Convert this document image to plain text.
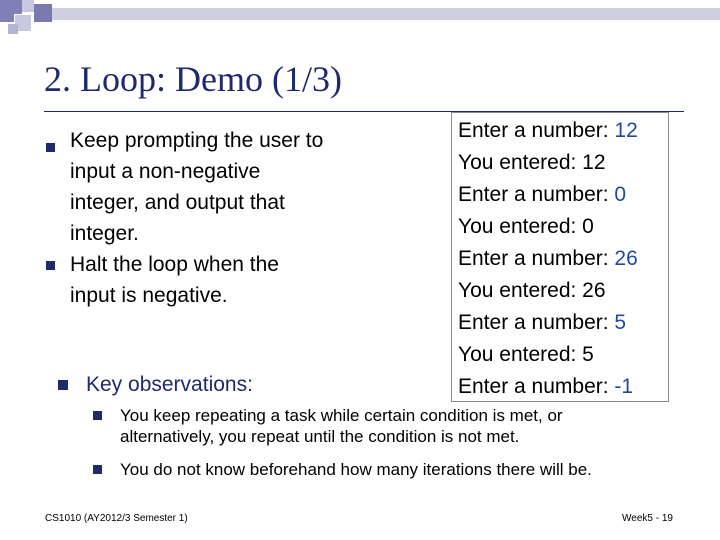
2. Loop: Demo (1/3)
Keep prompting the user to input a non-negative integer, and output that integer.
Halt the loop when the input is negative.
Key observations:
You keep repeating a task while certain condition is met, or alternatively, you repeat until the condition is not met.
You do not know beforehand how many iterations there will be.
Enter a number: 12
You entered: 12
Enter a number: 0
You entered: 0
Enter a number: 26
You entered: 26
Enter a number: 5
You entered: 5
Enter a number: -1
CS1010 (AY2012/3 Semester 1)	Week5 - 19
